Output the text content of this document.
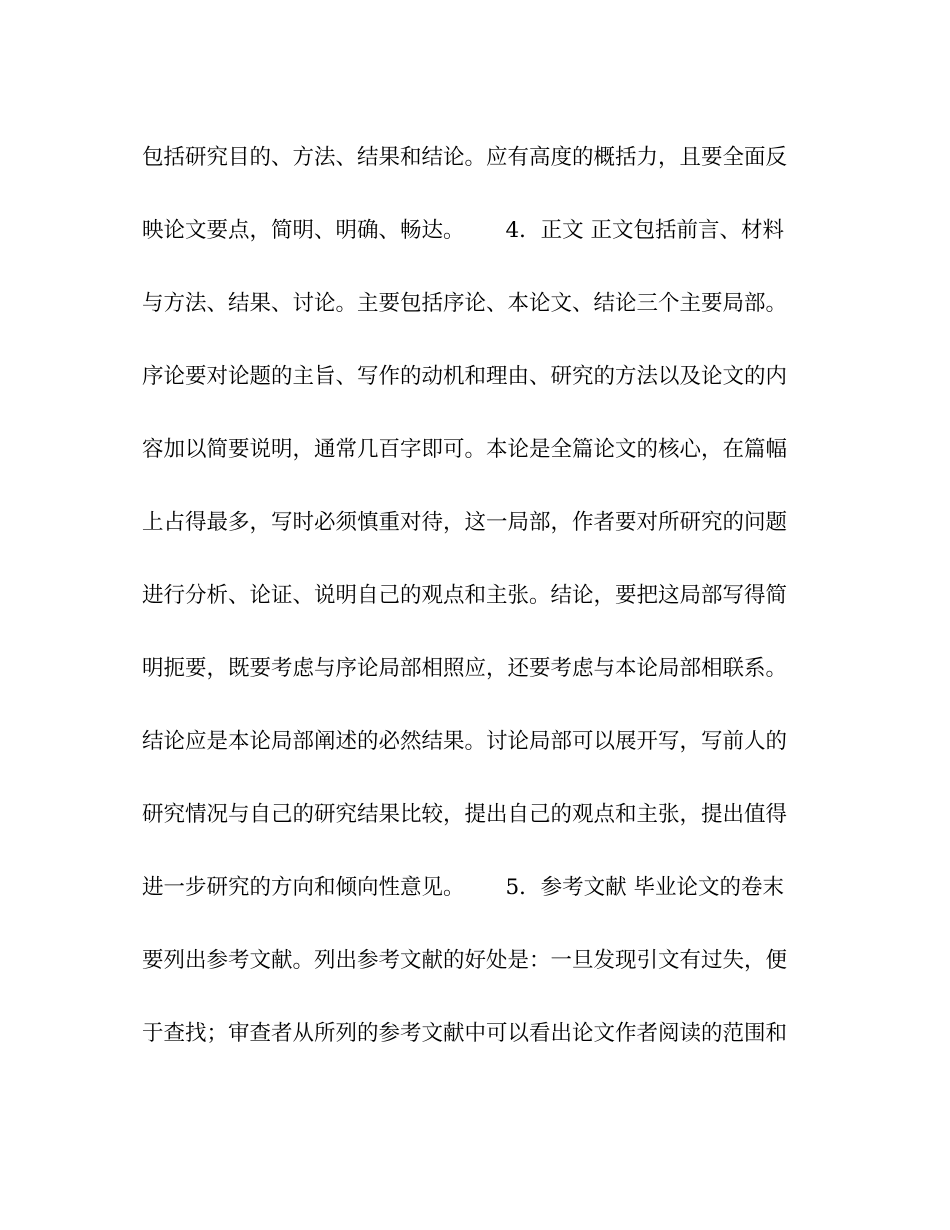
包括研究目的、方法、结果和结论。应有高度的概括力，且要全面反
映论文要点，简明、明确、畅达。      4．正文 正文包括前言、材料
与方法、结果、讨论。主要包括序论、本论文、结论三个主要局部。
序论要对论题的主旨、写作的动机和理由、研究的方法以及论文的内
容加以简要说明，通常几百字即可。本论是全篇论文的核心，在篇幅
上占得最多，写时必须慎重对待，这一局部，作者要对所研究的问题
进行分析、论证、说明自己的观点和主张。结论，要把这局部写得简
明扼要，既要考虑与序论局部相照应，还要考虑与本论局部相联系。
结论应是本论局部阐述的必然结果。讨论局部可以展开写，写前人的
研究情况与自己的研究结果比较，提出自己的观点和主张，提出值得
进一步研究的方向和倾向性意见。      5．参考文献 毕业论文的卷末
要列出参考文献。列出参考文献的好处是：一旦发现引文有过失，便
于查找；审查者从所列的参考文献中可以看出论文作者阅读的范围和
